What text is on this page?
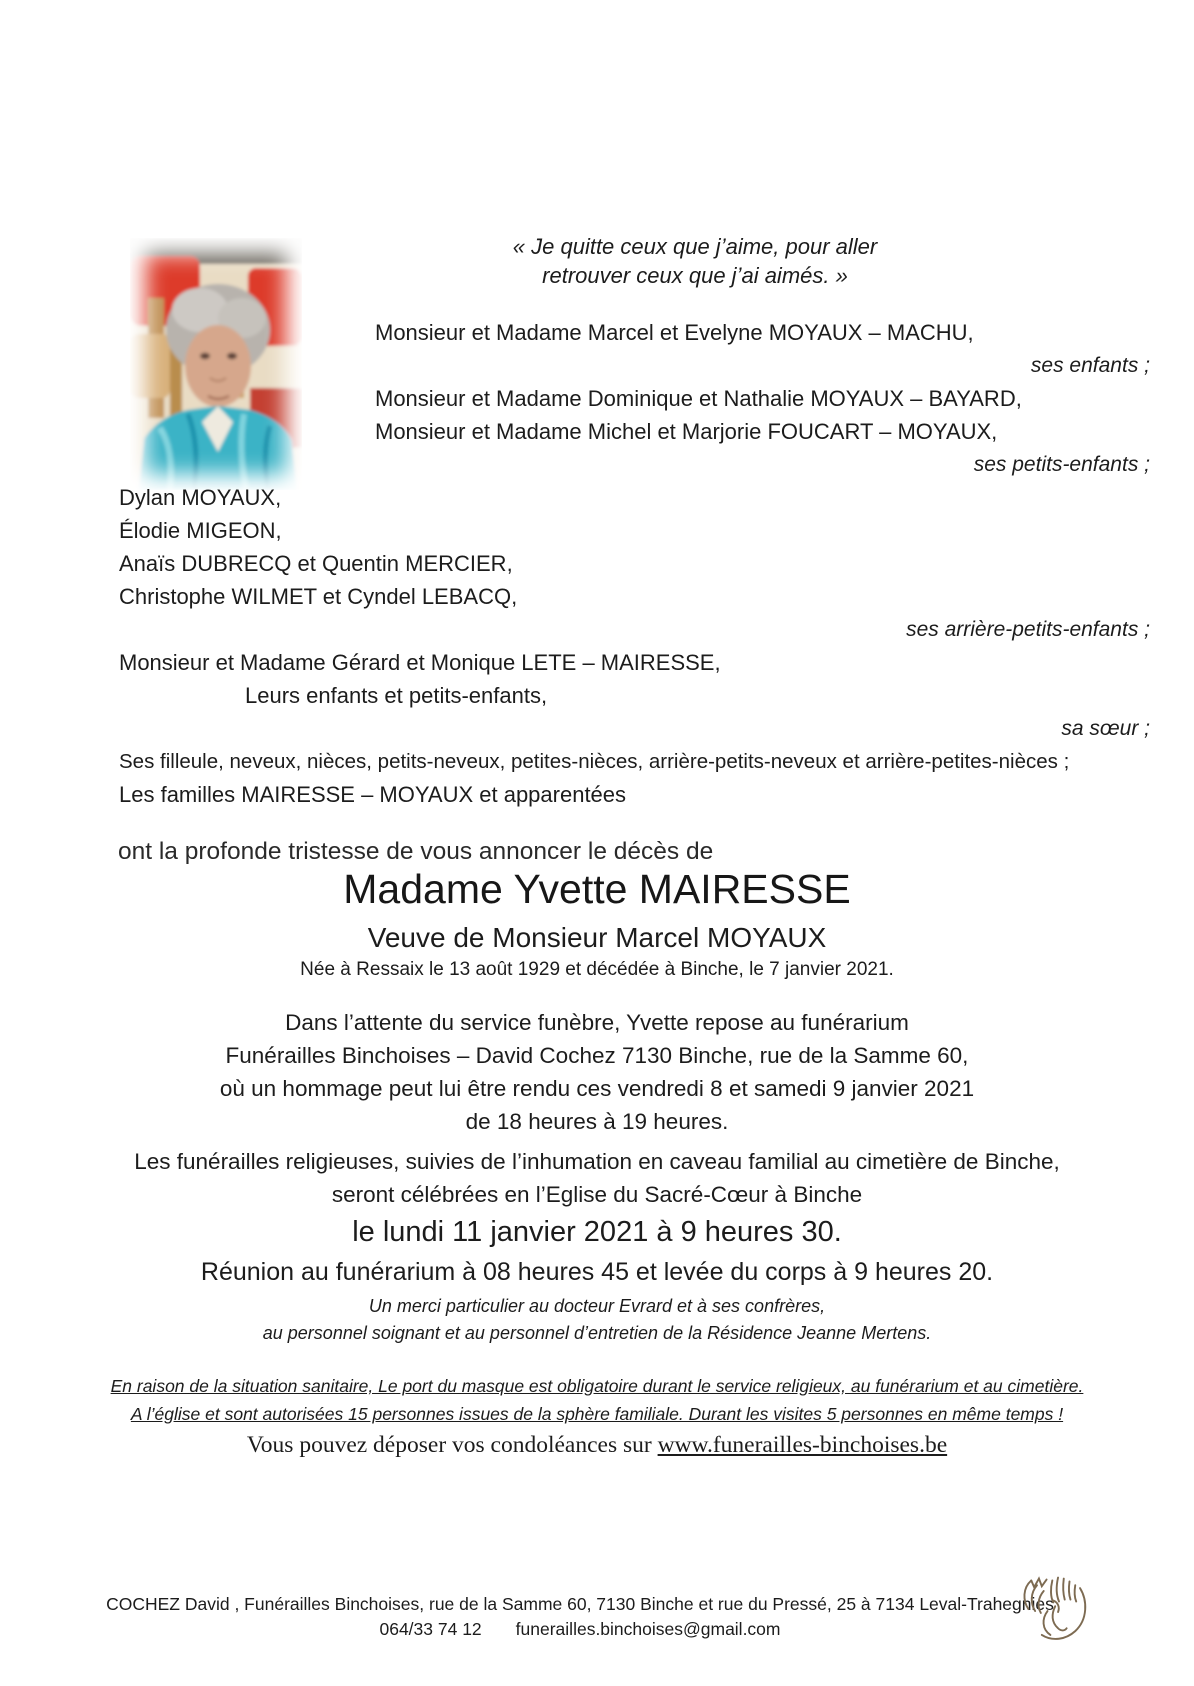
« Je quitte ceux que j’aime, pour aller
retrouver ceux que j’ai aimés. »
Monsieur et Madame Marcel et Evelyne MOYAUX – MACHU,
ses enfants ;
Monsieur et Madame Dominique et Nathalie MOYAUX – BAYARD,
Monsieur et Madame Michel et Marjorie FOUCART – MOYAUX,
ses petits-enfants ;
Dylan MOYAUX,
Élodie MIGEON,
Anaïs DUBRECQ et Quentin MERCIER,
Christophe WILMET et Cyndel LEBACQ,
ses arrière-petits-enfants ;
Monsieur et Madame Gérard et Monique LETE – MAIRESSE,
Leurs enfants et petits-enfants,
sa sœur ;
Ses filleule, neveux, nièces, petits-neveux, petites-nièces, arrière-petits-neveux et arrière-petites-nièces ;
Les familles MAIRESSE – MOYAUX et apparentées
ont la profonde tristesse de vous annoncer le décès de
Madame Yvette MAIRESSE
Veuve de Monsieur Marcel MOYAUX
Née à Ressaix le 13 août 1929 et décédée à Binche, le 7 janvier 2021.
Dans l’attente du service funèbre, Yvette repose au funérarium
Funérailles Binchoises – David Cochez 7130 Binche, rue de la Samme 60,
où un hommage peut lui être rendu ces vendredi 8 et samedi 9 janvier 2021
de 18 heures à 19 heures.
Les funérailles religieuses, suivies de l’inhumation en caveau familial au cimetière de Binche,
seront célébrées en l’Eglise du Sacré-Cœur à Binche
le lundi 11 janvier 2021 à 9 heures 30.
Réunion au funérarium à 08 heures 45 et levée du corps à 9 heures 20.
Un merci particulier au docteur Evrard et à ses confrères,
au personnel soignant et au personnel d’entretien de la Résidence Jeanne Mertens.
En raison de la situation sanitaire, Le port du masque est obligatoire durant le service religieux, au funérarium et au cimetière.
A l’église et sont autorisées 15 personnes issues de la sphère familiale. Durant les visites 5 personnes en même temps !
Vous pouvez déposer vos condoléances sur www.funerailles-binchoises.be
COCHEZ David , Funérailles Binchoises, rue de la Samme 60, 7130 Binche et rue du Pressé, 25 à 7134 Leval-Trahegnies
064/33 74 12 funerailles.binchoises@gmail.com
